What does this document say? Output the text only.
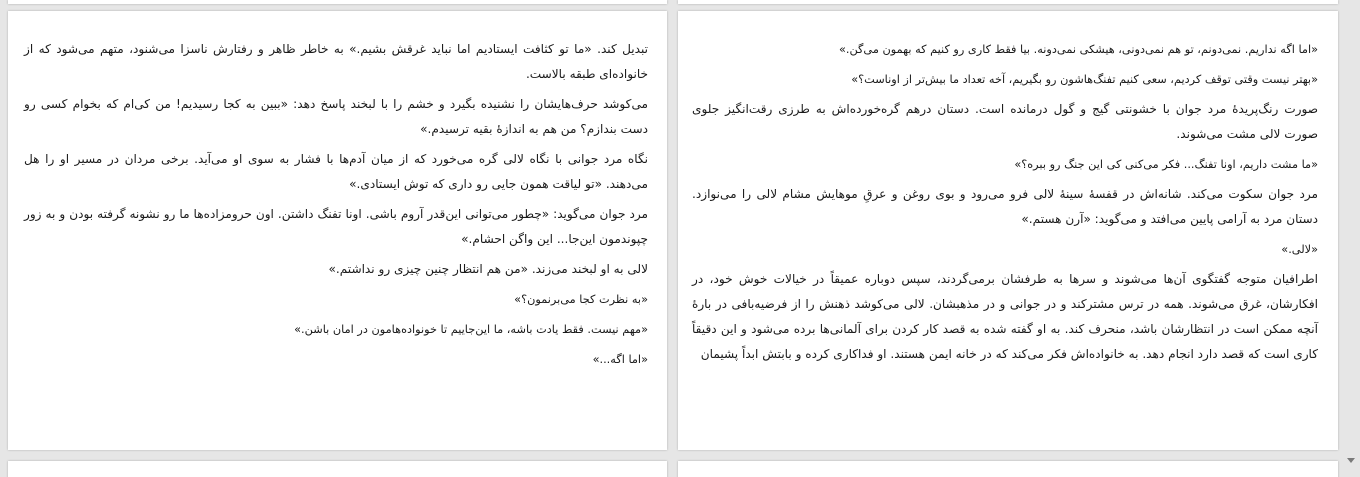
تبدیل کند. «ما تو کثافت ایستادیم اما نباید غرقش بشیم.» به خاطر ظاهر و رفتارش ناسزا می‌شنود، متهم می‌شود که از خانواده‌ای طبقه بالاست.

می‌کوشد حرف‌هایشان را نشنیده بگیرد و خشم را با لبخند پاسخ دهد: «ببین به کجا رسیدیم! من کی‌ام که بخوام کسی رو دست بندازم؟ من هم به اندازهٔ بقیه ترسیدم.»

نگاه مرد جوانی با نگاه لالی گره می‌خورد که از میان آدم‌ها با فشار به سوی او می‌آید. برخی مردان در مسیر او را هل می‌دهند. «تو لیاقت همون جایی رو داری که توش ایستادی.»

مرد جوان می‌گوید: «چطور می‌توانی این‌قدر آروم باشی. اونا تفنگ داشتن. اون حرومزاده‌ها ما رو نشونه گرفته بودن و به زور چپوندمون این‌جا... این واگن احشام.»

لالی به او لبخند می‌زند. «من هم انتظار چنین چیزی رو نداشتم.»

«به نظرت کجا می‌برنمون؟»

«مهم نیست. فقط یادت باشه، ما این‌جاییم تا خونواده‌هامون در امان باشن.»

«اما اگه...»

«اما اگه‌ نداریم. نمی‌دونم، تو هم نمی‌دونی، هیشکی نمی‌دونه. بیا فقط کاری رو کنیم که بهمون می‌گن.»

«بهتر نیست وقتی توقف کردیم، سعی کنیم تفنگ‌هاشون رو بگیریم، آخه تعداد ما بیش‌تر از اوناست؟»

صورت رنگ‌پریدهٔ مرد جوان با خشونتی گیج و گول درمانده است. دستان درهم گره‌خورده‌اش به طرزی رقت‌انگیز جلوی صورت لالی مشت می‌شوند.

«ما مشت داریم، اونا تفنگ... فکر می‌کنی کی این جنگ رو ببره؟»

مرد جوان سکوت می‌کند. شانه‌اش در قفسهٔ سینهٔ لالی فرو می‌رود و بوی روغن و عرقِ موهایش مشام لالی را می‌نوازد. دستان مرد به آرامی پایین می‌افتد و می‌گوید: «آرن هستم.»

«لالی.»

اطرافیان متوجه گفتگوی آن‌ها می‌شوند و سرها به طرفشان برمی‌گردند، سپس دوباره عمیقاً در خیالات خوش خود، در افکارشان، غرق می‌شوند. همه در ترس مشترکند و در جوانی و در مذهبشان. لالی می‌کوشد ذهنش را از فرضیه‌بافی در بارهٔ آنچه ممکن است در انتظارشان باشد، منحرف کند. به او گفته شده به قصد کار کردن برای آلمانی‌ها برده می‌شود و این دقیقاً کاری است که قصد دارد انجام دهد. به خانواده‌اش فکر می‌کند که در خانه ایمن هستند. او فداکاری کرده و بابتش ابداً پشیمان
